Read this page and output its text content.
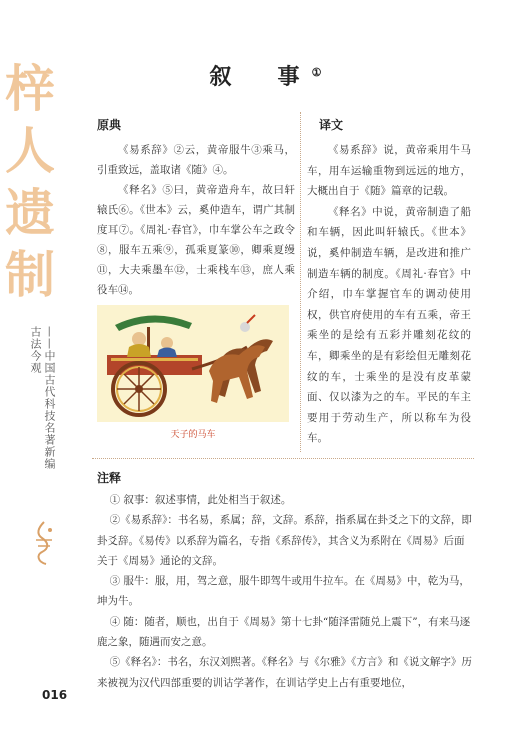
梓
人
遗
制
古法今观 ——中国古代科技名著新编
016
叙　事①
原典	译文

《易系辞》②云，黄帝服牛③乘马，引重致远，盖取诸《随》④。

《释名》⑤曰，黄帝造舟车，故曰轩辕氏⑥。《世本》云，奚仲造车，谓广其制度耳⑦。《周礼·春官》，巾车掌公车之政令⑧，服车五乘⑨，孤乘夏篆⑩，卿乘夏缦⑪，大夫乘墨车⑫，士乘栈车⑬，庶人乘役车⑭。

《易系辞》说，黄帝乘用牛马车，用车运输重物到远远的地方，大概出自于《随》篇章的记载。

《释名》中说，黄帝制造了船和车辆，因此叫轩辕氏。《世本》说，奚仲制造车辆，是改进和推广制造车辆的制度。《周礼·春官》中介绍，巾车掌握官车的调动使用权，供官府使用的车有五乘，帝王乘坐的是绘有五彩并雕刻花纹的车，卿乘坐的是有彩绘但无雕刻花纹的车，士乘坐的是没有皮革蒙面、仅以漆为之的车。平民的车主要用于劳动生产，所以称车为役车。

天子的马车
注释

① 叙事：叙述事情，此处相当于叙述。

②《易系辞》：书名易，系属；辞，文辞。系辞，指系属在卦爻之下的文辞，即卦爻辞。《易传》以系辞为篇名，专指《系辞传》，其含义为系附在《周易》后面关于《周易》通论的文辞。

③ 服牛：服，用，驾之意，服牛即驾牛或用牛拉车。在《周易》中，乾为马，坤为牛。

④ 随：随者，顺也，出自于《周易》第十七卦“随泽雷随兑上震下”，有来马逐鹿之象，随遇而安之意。

⑤《释名》：书名，东汉刘熙著。《释名》与《尔雅》《方言》和《说文解字》历来被视为汉代四部重要的训诂学著作，在训诂学史上占有重要地位，
